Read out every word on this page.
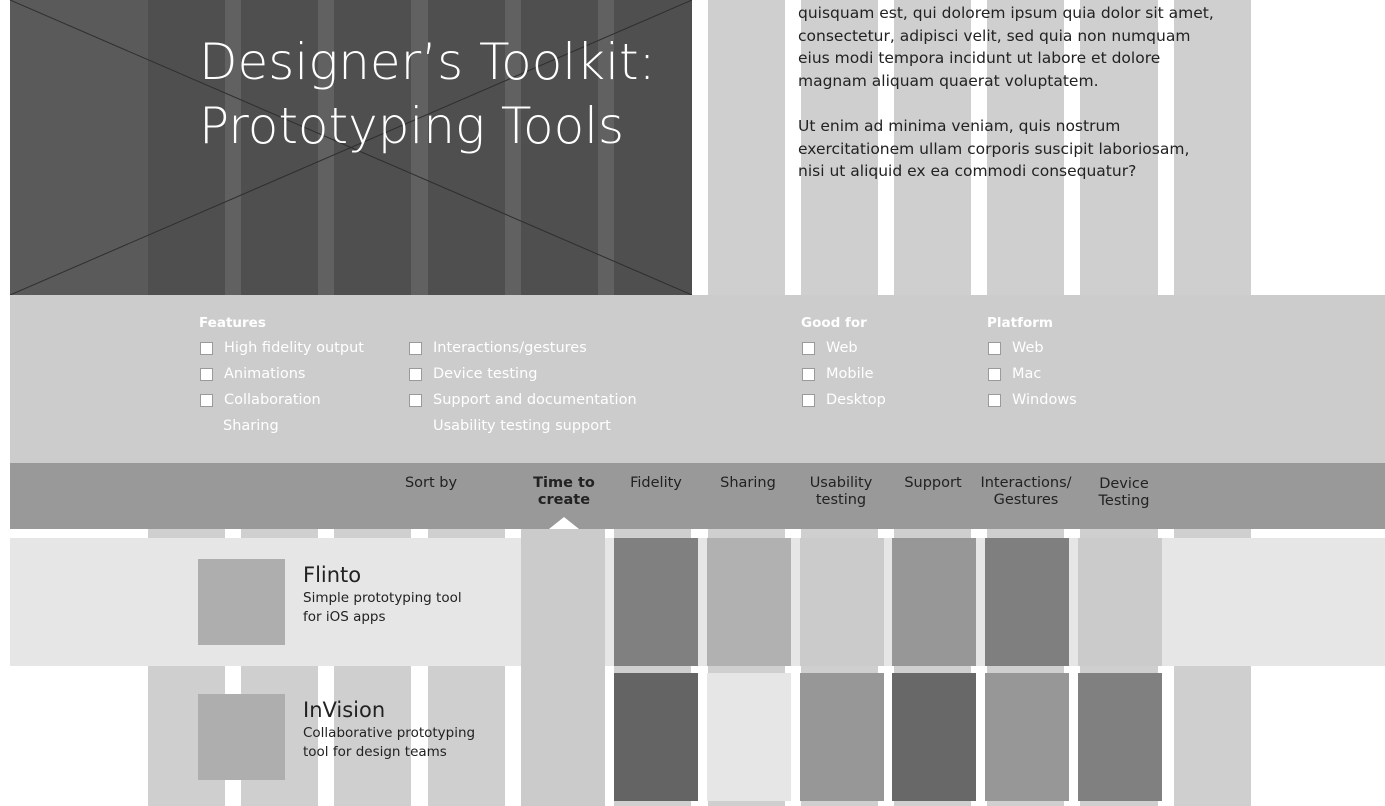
Designer’s Toolkit:
Prototyping Tools
quisquam est, qui dolorem ipsum quia dolor sit amet, consectetur, adipisci velit, sed quia non numquam eius modi tempora incidunt ut labore et dolore magnam aliquam quaerat voluptatem.
Ut enim ad minima veniam, quis nostrum exercitationem ullam corporis suscipit laboriosam, nisi ut aliquid ex ea commodi consequatur?
Features
High fidelity output
Animations
Collaboration
Sharing
Interactions/gestures
Device testing
Support and documentation
Usability testing support
Good for
Web
Mobile
Desktop
Platform
Web
Mac
Windows
Sort by	Time to create
Fidelity	Sharing	Usability testing
Support	Interactions/ Gestures
Device Testing
Flinto
Simple prototyping tool for iOS apps
InVision
Collaborative prototyping tool for design teams
